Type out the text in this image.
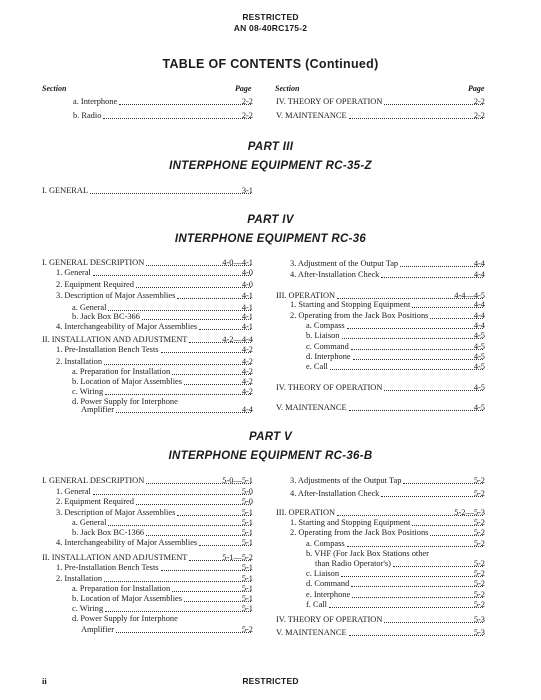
RESTRICTED
AN 08-40RC175-2
TABLE OF CONTENTS (Continued)
Section	Page	Section	Page
a. Interphone	2-2
b. Radio	2-2
IV. THEORY OF OPERATION	2-2
V. MAINTENANCE	2-2
PART III
INTERPHONE EQUIPMENT RC-35-Z
I. GENERAL	3-1
PART IV
INTERPHONE EQUIPMENT RC-36
I. GENERAL DESCRIPTION	4-0—4-1
1. General	4-0
2. Equipment Required	4-0
3. Description of Major Assemblies	4-1
a. General	4-1
b. Jack Box BC-366	4-1
4. Interchangeability of Major Assemblies	4-1
II. INSTALLATION AND ADJUSTMENT	4-2—4-4
1. Pre-Installation Bench Tests	4-2
2. Installation	4-2
a. Preparation for Installation	4-2
b. Location of Major Assemblies	4-2
c. Wiring	4-2
d. Power Supply for Interphone
Amplifier	4-4
3. Adjustment of the Output Tap	4-4
4. After-Installation Check	4-4
III. OPERATION	4-4—4-5
1. Starting and Stopping Equipment	4-4
2. Operating from the Jack Box Positions	4-4
a. Compass	4-4
b. Liaison	4-5
c. Command	4-5
d. Interphone	4-5
e. Call	4-5
IV. THEORY OF OPERATION	4-5
V. MAINTENANCE	4-5
PART V
INTERPHONE EQUIPMENT RC-36-B
I. GENERAL DESCRIPTION	5-0—5-1
1. General	5-0
2. Equipment Required	5-0
3. Description of Major Assemblies	5-1
a. General	5-1
b. Jack Box BC-1366	5-1
4. Interchangeability of Major Assemblies	5-1
II. INSTALLATION AND ADJUSTMENT	5-1—5-2
1. Pre-Installation Bench Tests	5-1
2. Installation	5-1
a. Preparation for Installation	5-1
b. Location of Major Assemblies	5-1
c. Wiring	5-1
d. Power Supply for Interphone
Amplifier	5-2
3. Adjustments of the Output Tap	5-2
4. After-Installation Check	5-2
III. OPERATION	5-2—5-3
1. Starting and Stopping Equipment	5-2
2. Operating from the Jack Box Positions	5-2
a. Compass	5-2
b. VHF (For Jack Box Stations other
than Radio Operator's)	5-2
c. Liaison	5-2
d. Command	5-2
e. Interphone	5-2
f. Call	5-2
IV. THEORY OF OPERATION	5-3
V. MAINTENANCE	5-3
ii	RESTRICTED
